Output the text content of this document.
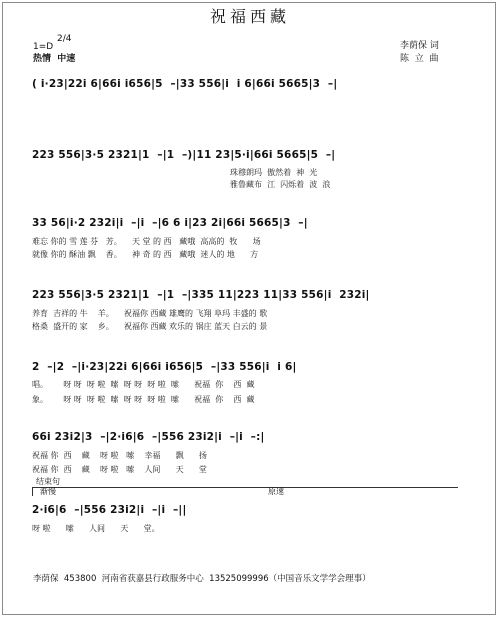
祝福西藏
1=D
2/4
热情  中速
李荫保 词
陈  立  曲
( i·23|22i 6|66i i656|5  –|33 556|i  i 6|66i 5665|3  –|
223 556|3·5 2321|1  –|1  –)|11 23|5·i|66i 5665|5  –|
珠穆朗玛  傲然着  神  光
雅鲁藏布  江  闪烁着  波  浪
33 56|i·2 232i|i  –|i  –|6 6 i|23 2i|66i 5665|3  –|
难忘 你的 雪 莲 芬   芳。    天 堂 的 西   藏哦  高高的  牧      场
就像 你的 酥油 飘    香。    神 奇 的 西   藏哦  迷人的 地      方
223 556|3·5 2321|1  –|1  –|335 11|223 11|33 556|i  232i|
养育  吉祥的 牛    羊。    祝福你 西藏 雄鹰的 飞翔 阜玛 丰盛的 歌
格桑  盛开的 家    乡。    祝福你 西藏 欢乐的 锅庄 蓝天 白云的 景
2  –|2  –|i·23|22i 6|66i i656|5  –|33 556|i  i 6|
唱。      呀 呀  呀 啦  嗦  呀 呀  呀 啦  嗦      祝福  你    西  藏
象。      呀 呀  呀 啦  嗦  呀 呀  呀 啦  嗦      祝福  你    西  藏
66i 23i2|3  –|2·i6|6  –|556 23i2|i  –|i  –:|
祝福 你  西    藏    呀 啦   嗦    幸福      飘      扬
祝福 你  西    藏    呀 啦   嗦    人间      天      堂
结束句
渐慢	原速
2·i6|6  –|556 23i2|i  –|i  –||
呀 啦      嗦      人间      天      堂。
李荫保  453800  河南省获嘉县行政服务中心  13525099996（中国音乐文学学会理事）
